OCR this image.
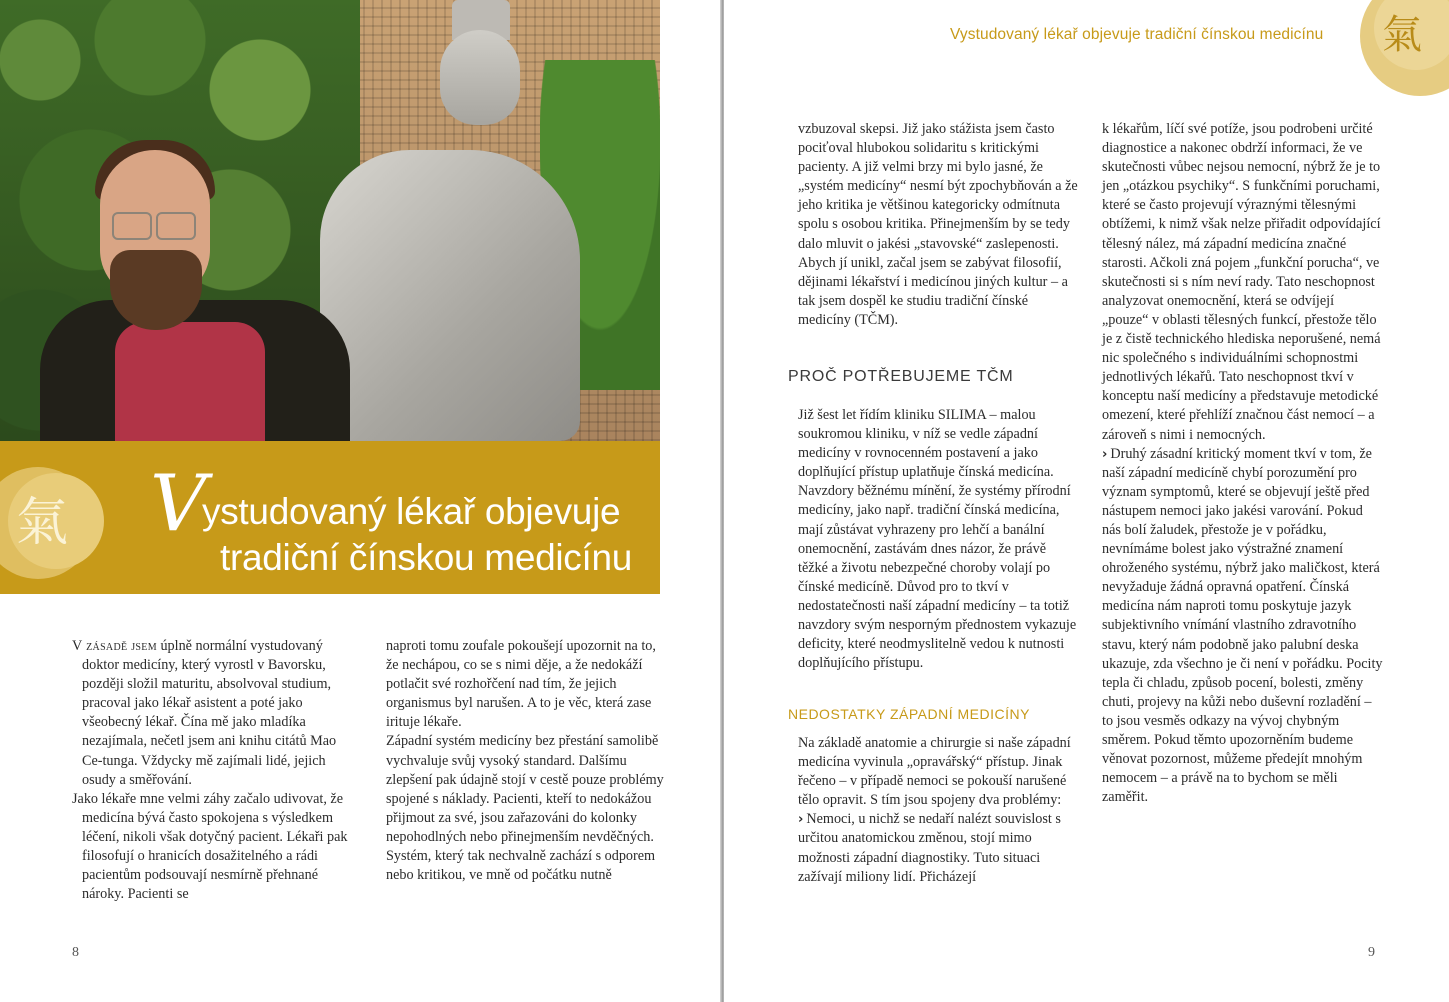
氣 Vystudovaný lékař objevuje
tradiční čínskou medicínu

V zásadě jsem úplně normální vystudovaný doktor medicíny, který vyrostl v Bavorsku, později složil maturitu, absolvoval studium, pracoval jako lékař asistent a poté jako všeobecný lékař. Čína mě jako mladíka nezajímala, nečetl jsem ani knihu citátů Mao Ce-tunga. Vždycky mě zajímali lidé, jejich osudy a směřování.

Jako lékaře mne velmi záhy začalo udivovat, že medicína bývá často spokojena s výsledkem léčení, nikoli však dotyčný pacient. Lékaři pak filosofují o hranicích dosažitelného a rádi pacientům podsouvají nesmírně přehnané nároky. Pacienti se

naproti tomu zoufale pokoušejí upozornit na to, že nechápou, co se s nimi děje, a že nedokáží potlačit své rozhořčení nad tím, že jejich organismus byl narušen. A to je věc, která zase irituje lékaře.

Západní systém medicíny bez přestání samolibě vychvaluje svůj vysoký standard. Dalšímu zlepšení pak údajně stojí v cestě pouze problémy spojené s náklady. Pacienti, kteří to nedokážou přijmout za své, jsou zařazováni do kolonky nepohodlných nebo přinejmenším nevděčných. Systém, který tak nechvalně zachází s odporem nebo kritikou, ve mně od počátku nutně

8
Vystudovaný lékař objevuje tradiční čínskou medicínu 氣

vzbuzoval skepsi. Již jako stážista jsem často pociťoval hlubokou solidaritu s kritickými pacienty. A již velmi brzy mi bylo jasné, že „systém medicíny“ nesmí být zpochybňován a že jeho kritika je většinou kategoricky odmítnuta spolu s osobou kritika. Přinejmenším by se tedy dalo mluvit o jakési „stavovské“ zaslepenosti. Abych jí unikl, začal jsem se zabývat filosofií, dějinami lékařství i medicínou jiných kultur – a tak jsem dospěl ke studiu tradiční čínské medicíny (TČM).

PROČ POTŘEBUJEME TČM

Již šest let řídím kliniku SILIMA – malou soukromou kliniku, v níž se vedle západní medicíny v rovnocenném postavení a jako doplňující přístup uplatňuje čínská medicína. Navzdory běžnému mínění, že systémy přírodní medicíny, jako např. tradiční čínská medicína, mají zůstávat vyhrazeny pro lehčí a banální onemocnění, zastávám dnes názor, že právě těžké a životu nebezpečné choroby volají po čínské medicíně. Důvod pro to tkví v nedostatečnosti naší západní medicíny – ta totiž navzdory svým nesporným přednostem vykazuje deficity, které neodmyslitelně vedou k nutnosti doplňujícího přístupu.

NEDOSTATKY ZÁPADNÍ MEDICÍNY

Na základě anatomie a chirurgie si naše západní medicína vyvinula „opravářský“ přístup. Jinak řečeno – v případě nemoci se pokouší narušené tělo opravit. S tím jsou spojeny dva problémy:

› Nemoci, u nichž se nedaří nalézt souvislost s určitou anatomickou změnou, stojí mimo možnosti západní diagnostiky. Tuto situaci zažívají miliony lidí. Přicházejí

k lékařům, líčí své potíže, jsou podrobeni určité diagnostice a nakonec obdrží informaci, že ve skutečnosti vůbec nejsou nemocní, nýbrž že je to jen „otázkou psychiky“. S funkčními poruchami, které se často projevují výraznými tělesnými obtížemi, k nimž však nelze přiřadit odpovídající tělesný nález, má západní medicína značné starosti. Ačkoli zná pojem „funkční porucha“, ve skutečnosti si s ním neví rady. Tato neschopnost analyzovat onemocnění, která se odvíjejí „pouze“ v oblasti tělesných funkcí, přestože tělo je z čistě technického hlediska neporušené, nemá nic společného s individuálními schopnostmi jednotlivých lékařů. Tato neschopnost tkví v konceptu naší medicíny a představuje metodické omezení, které přehlíží značnou část nemocí – a zároveň s nimi i nemocných.

› Druhý zásadní kritický moment tkví v tom, že naší západní medicíně chybí porozumění pro význam symptomů, které se objevují ještě před nástupem nemoci jako jakési varování. Pokud nás bolí žaludek, přestože je v pořádku, nevnímáme bolest jako výstražné znamení ohroženého systému, nýbrž jako maličkost, která nevyžaduje žádná opravná opatření. Čínská medicína nám naproti tomu poskytuje jazyk subjektivního vnímání vlastního zdravotního stavu, který nám podobně jako palubní deska ukazuje, zda všechno je či není v pořádku. Pocity tepla či chladu, způsob pocení, bolesti, změny chuti, projevy na kůži nebo duševní rozladění – to jsou vesměs odkazy na vývoj chybným směrem. Pokud těmto upozorněním budeme věnovat pozornost, můžeme předejít mnohým nemocem – a právě na to bychom se měli zaměřit.

9
